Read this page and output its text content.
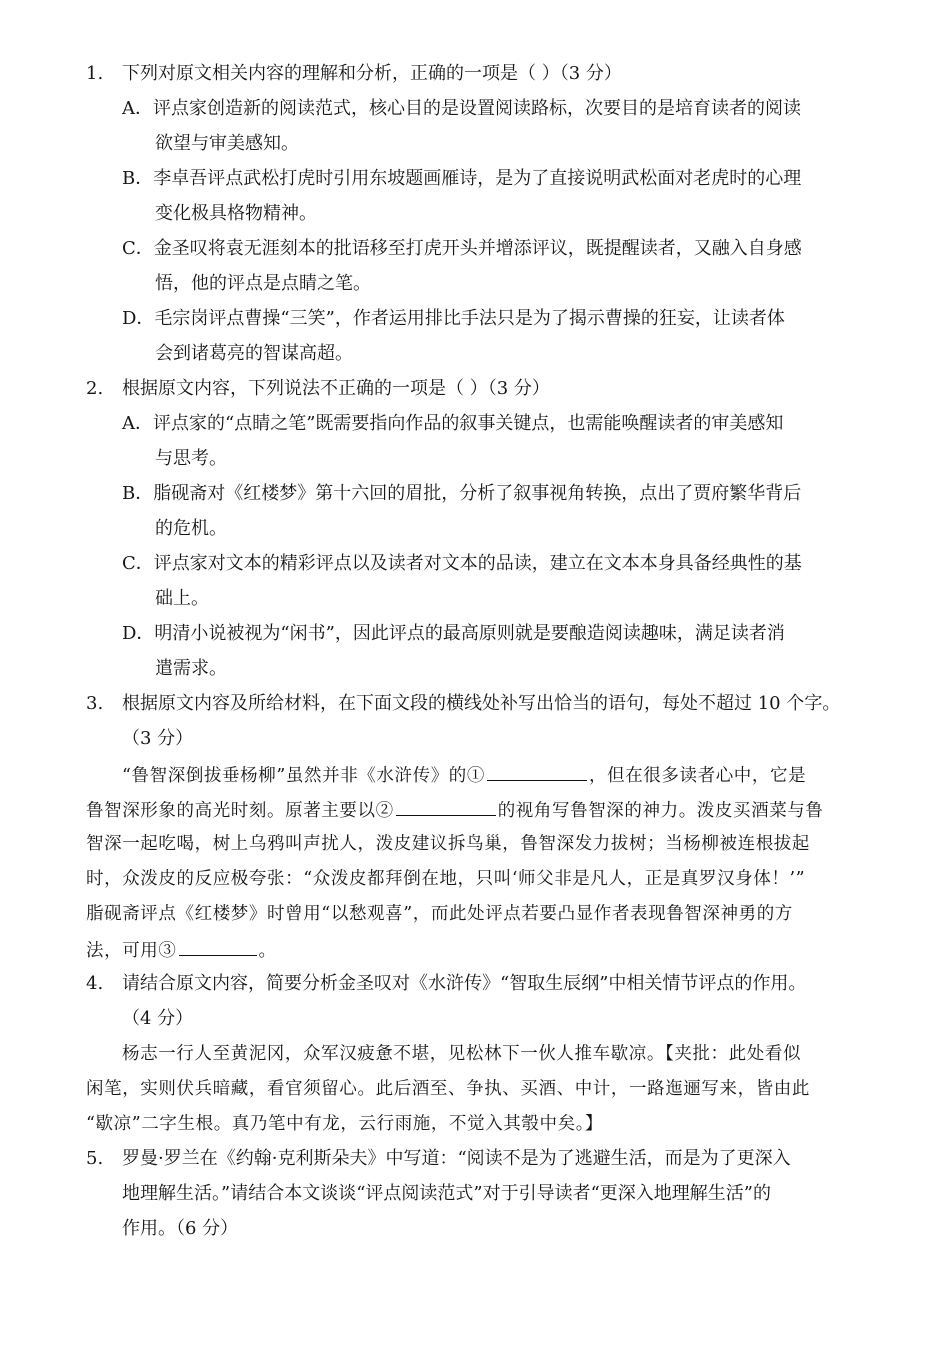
1. 下列对原文相关内容的理解和分析，正确的一项是（ ）（3 分）
A．评点家创造新的阅读范式，核心目的是设置阅读路标，次要目的是培育读者的阅读
欲望与审美感知。
B．李卓吾评点武松打虎时引用东坡题画雁诗，是为了直接说明武松面对老虎时的心理
变化极具格物精神。
C．金圣叹将袁无涯刻本的批语移至打虎开头并增添评议，既提醒读者，又融入自身感
悟，他的评点是点睛之笔。
D．毛宗岗评点曹操“三笑”，作者运用排比手法只是为了揭示曹操的狂妄，让读者体
会到诸葛亮的智谋高超。
2. 根据原文内容，下列说法不正确的一项是（ ）（3 分）
A．评点家的“点睛之笔”既需要指向作品的叙事关键点，也需能唤醒读者的审美感知
与思考。
B．脂砚斋对《红楼梦》第十六回的眉批，分析了叙事视角转换，点出了贾府繁华背后
的危机。
C．评点家对文本的精彩评点以及读者对文本的品读，建立在文本本身具备经典性的基
础上。
D．明清小说被视为“闲书”，因此评点的最高原则就是要酿造阅读趣味，满足读者消
遣需求。
3. 根据原文内容及所给材料，在下面文段的横线处补写出恰当的语句，每处不超过 10 个字。
（3 分）
“鲁智深倒拔垂杨柳”虽然并非《水浒传》的①	，但在很多读者心中，它是
鲁智深形象的高光时刻。原著主要以②	的视角写鲁智深的神力。泼皮买酒菜与鲁
智深一起吃喝，树上乌鸦叫声扰人，泼皮建议拆鸟巢，鲁智深发力拔树；当杨柳被连根拔起
时，众泼皮的反应极夸张：“众泼皮都拜倒在地，只叫‘师父非是凡人，正是真罗汉身体！’”
脂砚斋评点《红楼梦》时曾用“以愁观喜”，而此处评点若要凸显作者表现鲁智深神勇的方
法，可用③	。
4. 请结合原文内容，简要分析金圣叹对《水浒传》“智取生辰纲”中相关情节评点的作用。
（4 分）
杨志一行人至黄泥冈，众军汉疲惫不堪，见松林下一伙人推车歇凉。【夹批：此处看似
闲笔，实则伏兵暗藏，看官须留心。此后酒至、争执、买酒、中计，一路迤逦写来，皆由此
“歇凉”二字生根。真乃笔中有龙，云行雨施，不觉入其彀中矣。】
5. 罗曼·罗兰在《约翰·克利斯朵夫》中写道：“阅读不是为了逃避生活，而是为了更深入
地理解生活。”请结合本文谈谈“评点阅读范式”对于引导读者“更深入地理解生活”的
作用。（6 分）
